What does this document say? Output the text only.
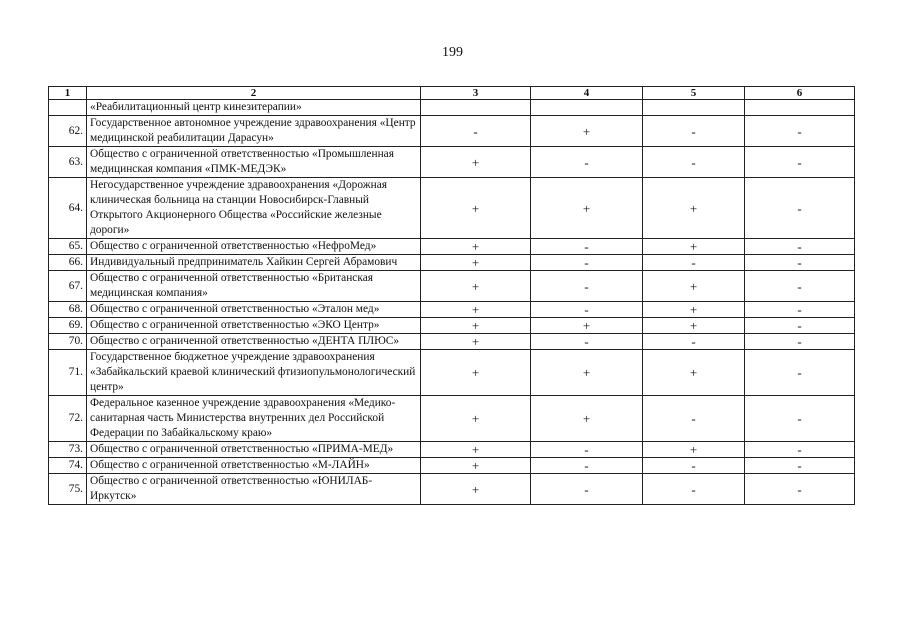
199
1	2	3	4	5	6
	«Реабилитационный центр кинезитерапии»				
62.	Государственное автономное учреждение здравоохранения «Центр медицинской реабилитации Дарасун»	-	+	-	-
63.	Общество с ограниченной ответственностью «Промышленная медицинская компания «ПМК-МЕДЭК»	+	-	-	-
64.	Негосударственное учреждение здравоохранения «Дорожная клиническая больница на станции Новосибирск-Главный Открытого Акционерного Общества «Российские железные дороги»	+	+	+	-
65.	Общество с ограниченной ответственностью «НефроМед»	+	-	+	-
66.	Индивидуальный предприниматель Хайкин Сергей Абрамович	+	-	-	-
67.	Общество с ограниченной ответственностью «Британская медицинская компания»	+	-	+	-
68.	Общество с ограниченной ответственностью «Эталон мед»	+	-	+	-
69.	Общество с ограниченной ответственностью «ЭКО Центр»	+	+	+	-
70.	Общество с ограниченной ответственностью «ДЕНТА ПЛЮС»	+	-	-	-
71.	Государственное бюджетное учреждение здравоохранения «Забайкальский краевой клинический фтизиопульмонологический центр»	+	+	+	-
72.	Федеральное казенное учреждение здравоохранения «Медико-санитарная часть Министерства внутренних дел Российской Федерации по Забайкальскому краю»	+	+	-	-
73.	Общество с ограниченной ответственностью «ПРИМА-МЕД»	+	-	+	-
74.	Общество с ограниченной ответственностью «М-ЛАЙН»	+	-	-	-
75.	Общество с ограниченной ответственностью «ЮНИЛАБ-Иркутск»	+	-	-	-
